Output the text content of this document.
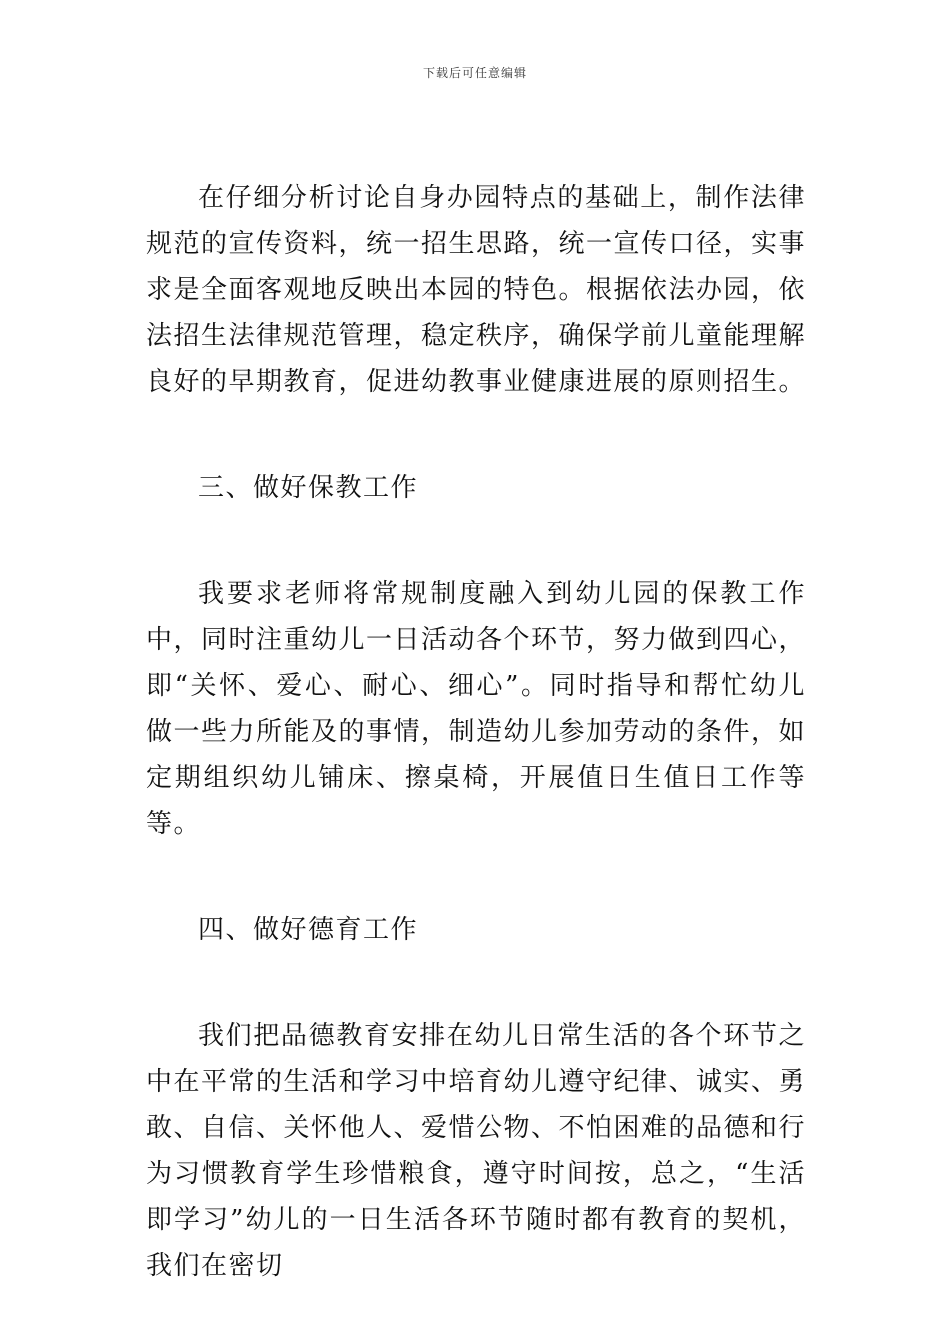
下载后可任意编辑

在仔细分析讨论自身办园特点的基础上，制作法律规范的宣传资料，统一招生思路，统一宣传口径，实事求是全面客观地反映出本园的特色。根据依法办园，依法招生法律规范管理，稳定秩序，确保学前儿童能理解良好的早期教育，促进幼教事业健康进展的原则招生。

三、做好保教工作

我要求老师将常规制度融入到幼儿园的保教工作中，同时注重幼儿一日活动各个环节，努力做到四心，即“关怀、爱心、耐心、细心”。同时指导和帮忙幼儿做一些力所能及的事情，制造幼儿参加劳动的条件，如定期组织幼儿铺床、擦桌椅，开展值日生值日工作等等。

四、做好德育工作

我们把品德教育安排在幼儿日常生活的各个环节之中在平常的生活和学习中培育幼儿遵守纪律、诚实、勇敢、自信、关怀他人、爱惜公物、不怕困难的品德和行为习惯教育学生珍惜粮食，遵守时间按，总之，“生活即学习”幼儿的一日生活各环节随时都有教育的契机，我们在密切
